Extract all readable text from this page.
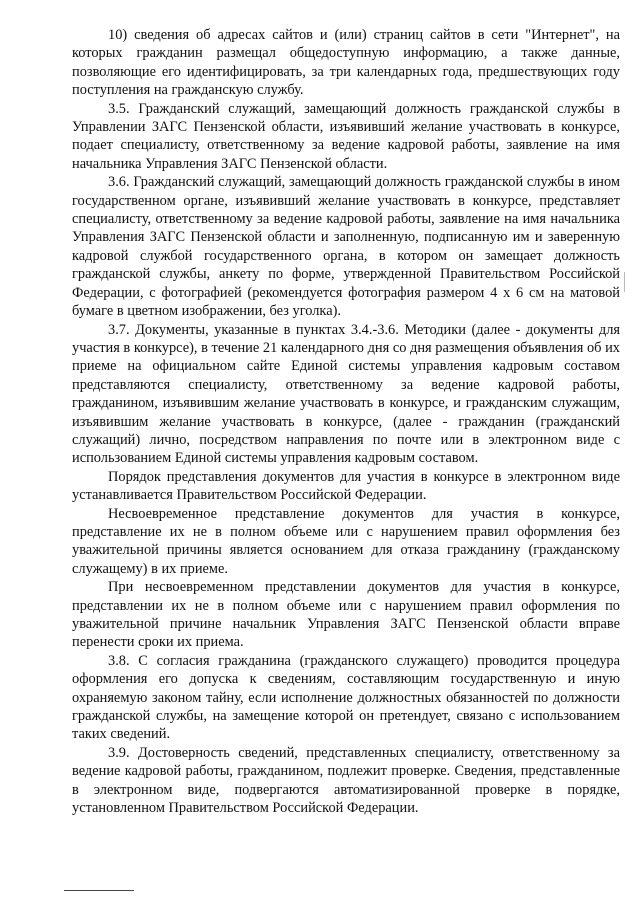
10) сведения об адресах сайтов и (или) страниц сайтов в сети "Интернет", на которых гражданин размещал общедоступную информацию, а также данные, позволяющие его идентифицировать, за три календарных года, предшествующих году поступления на гражданскую службу.

3.5. Гражданский служащий, замещающий должность гражданской службы в Управлении ЗАГС Пензенской области, изъявивший желание участвовать в конкурсе, подает специалисту, ответственному за ведение кадровой работы, заявление на имя начальника Управления ЗАГС Пензенской области.

3.6. Гражданский служащий, замещающий должность гражданской службы в ином государственном органе, изъявивший желание участвовать в конкурсе, представляет специалисту, ответственному за ведение кадровой работы, заявление на имя начальника Управления ЗАГС Пензенской области и заполненную, подписанную им и заверенную кадровой службой государственного органа, в котором он замещает должность гражданской службы, анкету по форме, утвержденной Правительством Российской Федерации, с фотографией (рекомендуется фотография размером 4 х 6 см на матовой бумаге в цветном изображении, без уголка).

3.7. Документы, указанные в пунктах 3.4.-3.6. Методики (далее - документы для участия в конкурсе), в течение 21 календарного дня со дня размещения объявления об их приеме на официальном сайте Единой системы управления кадровым составом представляются специалисту, ответственному за ведение кадровой работы, гражданином, изъявившим желание участвовать в конкурсе, и гражданским служащим, изъявившим желание участвовать в конкурсе, (далее - гражданин (гражданский служащий) лично, посредством направления по почте или в электронном виде с использованием Единой системы управления кадровым составом.

Порядок представления документов для участия в конкурсе в электронном виде устанавливается Правительством Российской Федерации.

Несвоевременное представление документов для участия в конкурсе, представление их не в полном объеме или с нарушением правил оформления без уважительной причины является основанием для отказа гражданину (гражданскому служащему) в их приеме.

При несвоевременном представлении документов для участия в конкурсе, представлении их не в полном объеме или с нарушением правил оформления по уважительной причине начальник Управления ЗАГС Пензенской области вправе перенести сроки их приема.

3.8. С согласия гражданина (гражданского служащего) проводится процедура оформления его допуска к сведениям, составляющим государственную и иную охраняемую законом тайну, если исполнение должностных обязанностей по должности гражданской службы, на замещение которой он претендует, связано с использованием таких сведений.

3.9. Достоверность сведений, представленных специалисту, ответственному за ведение кадровой работы, гражданином, подлежит проверке. Сведения, представленные в электронном виде, подвергаются автоматизированной проверке в порядке, установленном Правительством Российской Федерации.
